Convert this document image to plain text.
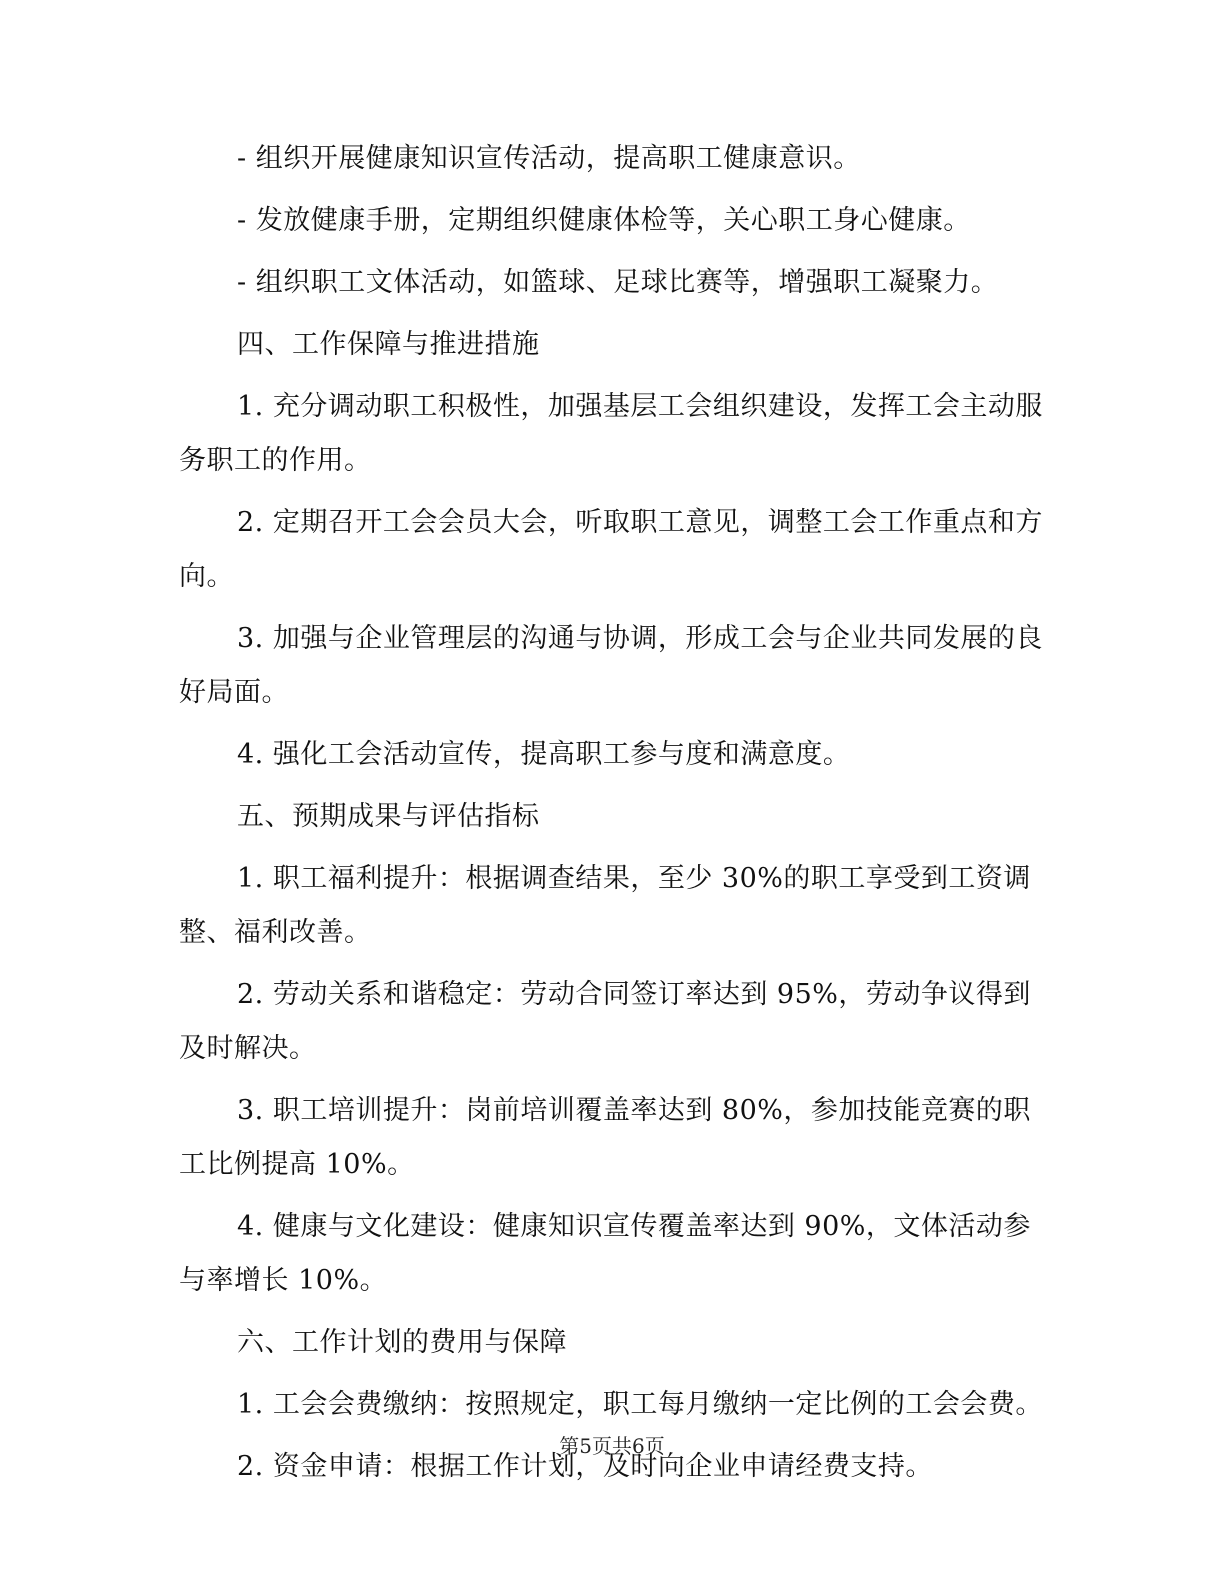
- 组织开展健康知识宣传活动，提高职工健康意识。

- 发放健康手册，定期组织健康体检等，关心职工身心健康。

- 组织职工文体活动，如篮球、足球比赛等，增强职工凝聚力。

四、工作保障与推进措施

1. 充分调动职工积极性，加强基层工会组织建设，发挥工会主动服务职工的作用。

2. 定期召开工会会员大会，听取职工意见，调整工会工作重点和方向。

3. 加强与企业管理层的沟通与协调，形成工会与企业共同发展的良好局面。

4. 强化工会活动宣传，提高职工参与度和满意度。

五、预期成果与评估指标

1. 职工福利提升：根据调查结果，至少 30%的职工享受到工资调整、福利改善。

2. 劳动关系和谐稳定：劳动合同签订率达到 95%，劳动争议得到及时解决。

3. 职工培训提升：岗前培训覆盖率达到 80%，参加技能竞赛的职工比例提高 10%。

4. 健康与文化建设：健康知识宣传覆盖率达到 90%，文体活动参与率增长 10%。

六、工作计划的费用与保障

1. 工会会费缴纳：按照规定，职工每月缴纳一定比例的工会会费。

2. 资金申请：根据工作计划，及时向企业申请经费支持。

第5页共6页
